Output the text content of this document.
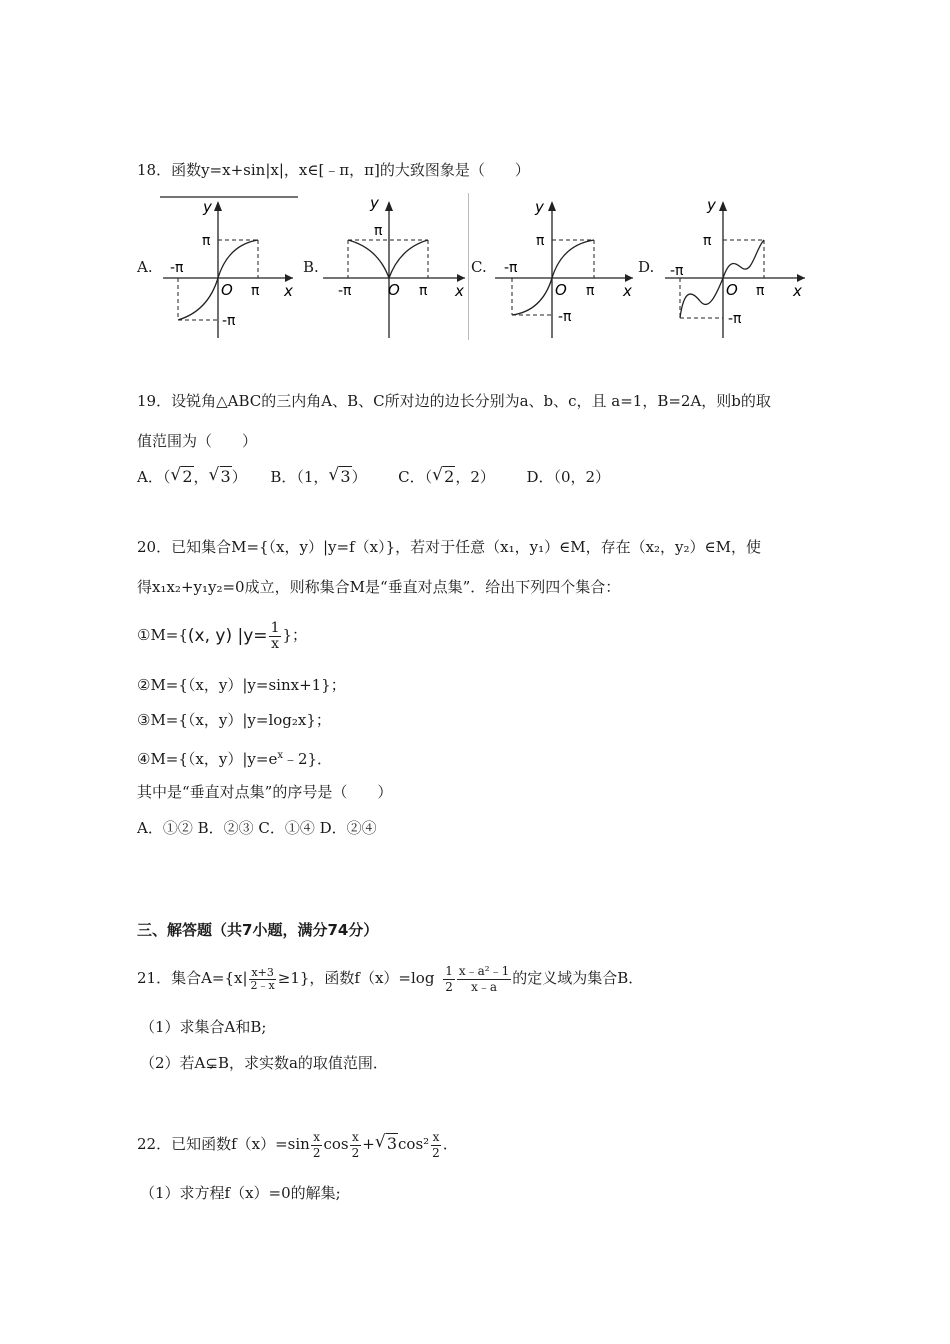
18．函数y=x+sin|x|，x∈[﹣π，π]的大致图象是（　　）
A.
y
π
-π
O π x
-π
B.
y
π
-π O π x
C.
y
π
-π
O π x
-π
D.
y
π
-π
O π x
-π
19．设锐角△ABC的三内角A、B、C所对边的边长分别为a、b、c，且 a=1，B=2A，则b的取
值范围为（　　）
A．（ √ 2， √ 3） B．（1， √ 3） C．（ √ 2，2） D．（0，2）
20．已知集合M={（x，y）|y=f（x）}，若对于任意（x₁，y₁）∈M，存在（x₂，y₂）∈M，使
得x₁x₂+y₁y₂=0成立，则称集合M是“垂直对点集”．给出下列四个集合：
①M={(x, y) $|y= \frac{1}{x}$ }；
②M={（x，y）|y=sinx+1}；
③M={（x，y）|y=log₂x}；
④M={（x，$y)|y=e^x﹣2$}．
其中是“垂直对点集”的序号是（　　）
A．①② B．②③ C．①④ D．②④
三、解答题（共7小题，满分74分）
21．集合$A=\{x| \frac{x+3}{2﹣x} \ge 1\}$，函数$f(x)=\log \frac{1}{2} \frac{\text{x﹣a²﹣1}}{x﹣a}$ 的定义域为集合B．
（1）求集合A和B;
（2）若A⊊B，求实数a的取值范围．
22．已知函数$f(x)=\sin \frac{x}{2}$ $\cos \frac{x}{2}$ + √ $3\cos^2 \frac{x}{2}$ ．
（1）求方程f（x）=0的解集;
